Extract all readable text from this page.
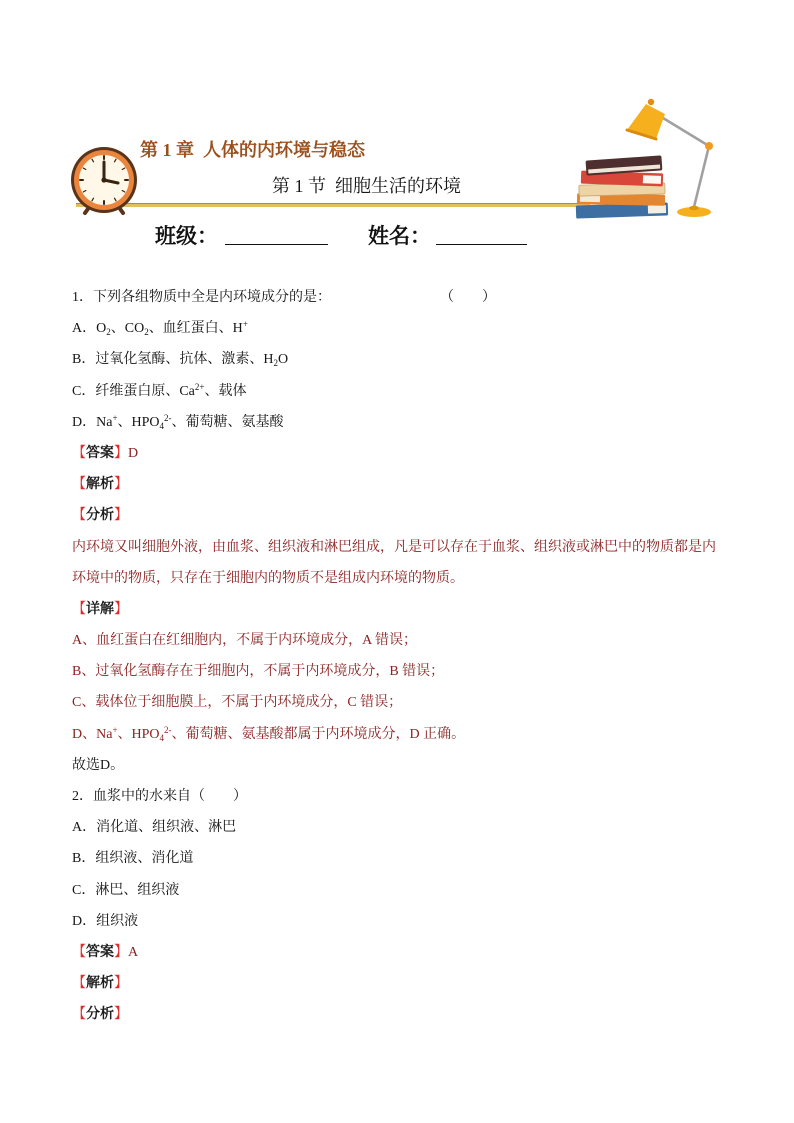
第 1 章  人体的内环境与稳态
第 1 节  细胞生活的环境
班级：	姓名：
1．下列各组物质中全是内环境成分的是：	（　　）
A．$O_2$、$CO_2$、血红蛋白、H+
B．过氧化氢酶、抗体、激素、$H_2O$
C．纤维蛋白原、$Ca^{2+}$、载体
D．Na+、$HPO_4^{2-}$、葡萄糖、氨基酸
【答案】D
【解析】
【分析】
内环境又叫细胞外液，由血浆、组织液和淋巴组成，凡是可以存在于血浆、组织液或淋巴中的物质都是内
环境中的物质，只存在于细胞内的物质不是组成内环境的物质。
【详解】
A、血红蛋白在红细胞内，不属于内环境成分，A 错误；
B、过氧化氢酶存在于细胞内，不属于内环境成分，B 错误；
C、载体位于细胞膜上，不属于内环境成分，C 错误；
D、Na+、$HPO_4^{2-}$、葡萄糖、氨基酸都属于内环境成分，D 正确。
故选D。
2．血浆中的水来自（　　）
A．消化道、组织液、淋巴
B．组织液、消化道
C．淋巴、组织液
D．组织液
【答案】A
【解析】
【分析】
